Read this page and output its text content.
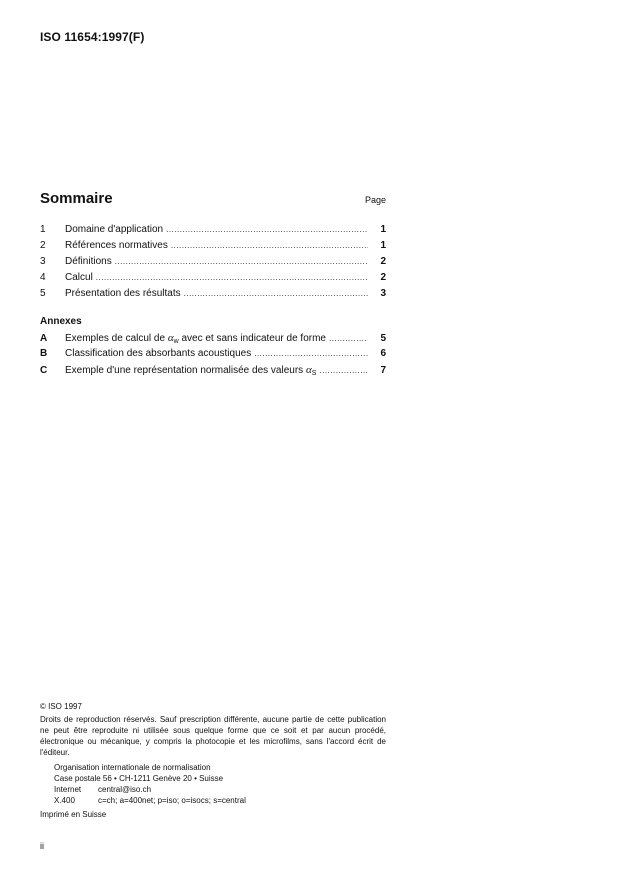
ISO 11654:1997(F)
Sommaire	Page
1	Domaine d'application .....	1
2	Références normatives .....	1
3	Définitions .....	2
4	Calcul .....	2
5	Présentation des résultats .....	3
Annexes
A	Exemples de calcul de $\alpha_w$ avec et sans indicateur de forme .....	5
B	Classification des absorbants acoustiques .....	6
C	Exemple d'une représentation normalisée des valeurs $\alpha_S$ .....	7
© ISO 1997
Droits de reproduction réservés. Sauf prescription différente, aucune partie de cette publication ne peut être reproduite ni utilisée sous quelque forme que ce soit et par aucun procédé, électronique ou mécanique, y compris la photocopie et les microfilms, sans l'accord écrit de l'éditeur.
Organisation internationale de normalisation
Case postale 56 • CH-1211 Genève 20 • Suisse
Internet	central@iso.ch
X.400	c=ch; a=400net; p=iso; o=isocs; s=central
Imprimé en Suisse
ii
